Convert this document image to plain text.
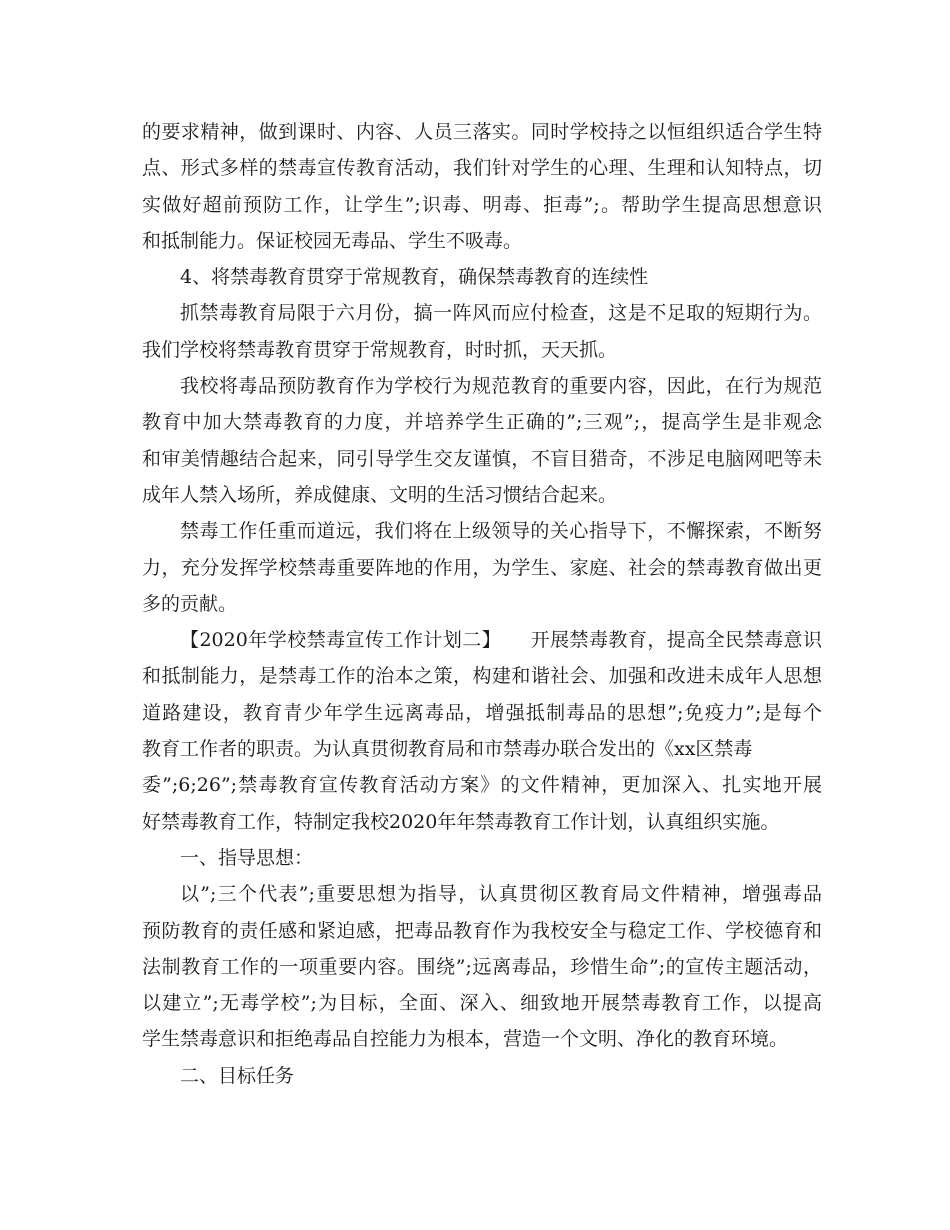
的要求精神，做到课时、内容、人员三落实。同时学校持之以恒组织适合学生特
点、形式多样的禁毒宣传教育活动，我们针对学生的心理、生理和认知特点，切
实做好超前预防工作，让学生”;识毒、明毒、拒毒”;。帮助学生提高思想意识
和抵制能力。保证校园无毒品、学生不吸毒。
4、将禁毒教育贯穿于常规教育，确保禁毒教育的连续性
抓禁毒教育局限于六月份，搞一阵风而应付检查，这是不足取的短期行为。
我们学校将禁毒教育贯穿于常规教育，时时抓，天天抓。
我校将毒品预防教育作为学校行为规范教育的重要内容，因此，在行为规范
教育中加大禁毒教育的力度，并培养学生正确的”;三观”;，提高学生是非观念
和审美情趣结合起来，同引导学生交友谨慎，不盲目猎奇，不涉足电脑网吧等未
成年人禁入场所，养成健康、文明的生活习惯结合起来。
禁毒工作任重而道远，我们将在上级领导的关心指导下，不懈探索，不断努
力，充分发挥学校禁毒重要阵地的作用，为学生、家庭、社会的禁毒教育做出更
多的贡献。
【2020年学校禁毒宣传工作计划二】　　开展禁毒教育，提高全民禁毒意识
和抵制能力，是禁毒工作的治本之策，构建和谐社会、加强和改进未成年人思想
道路建设，教育青少年学生远离毒品，增强抵制毒品的思想”;免疫力”;是每个
教育工作者的职责。为认真贯彻教育局和市禁毒办联合发出的《xx区禁毒
委”;6;26”;禁毒教育宣传教育活动方案》的文件精神，更加深入、扎实地开展
好禁毒教育工作，特制定我校2020年年禁毒教育工作计划，认真组织实施。
一、指导思想：
以”;三个代表”;重要思想为指导，认真贯彻区教育局文件精神，增强毒品
预防教育的责任感和紧迫感，把毒品教育作为我校安全与稳定工作、学校德育和
法制教育工作的一项重要内容。围绕”;远离毒品，珍惜生命”;的宣传主题活动，
以建立”;无毒学校”;为目标，全面、深入、细致地开展禁毒教育工作，以提高
学生禁毒意识和拒绝毒品自控能力为根本，营造一个文明、净化的教育环境。
二、目标任务
